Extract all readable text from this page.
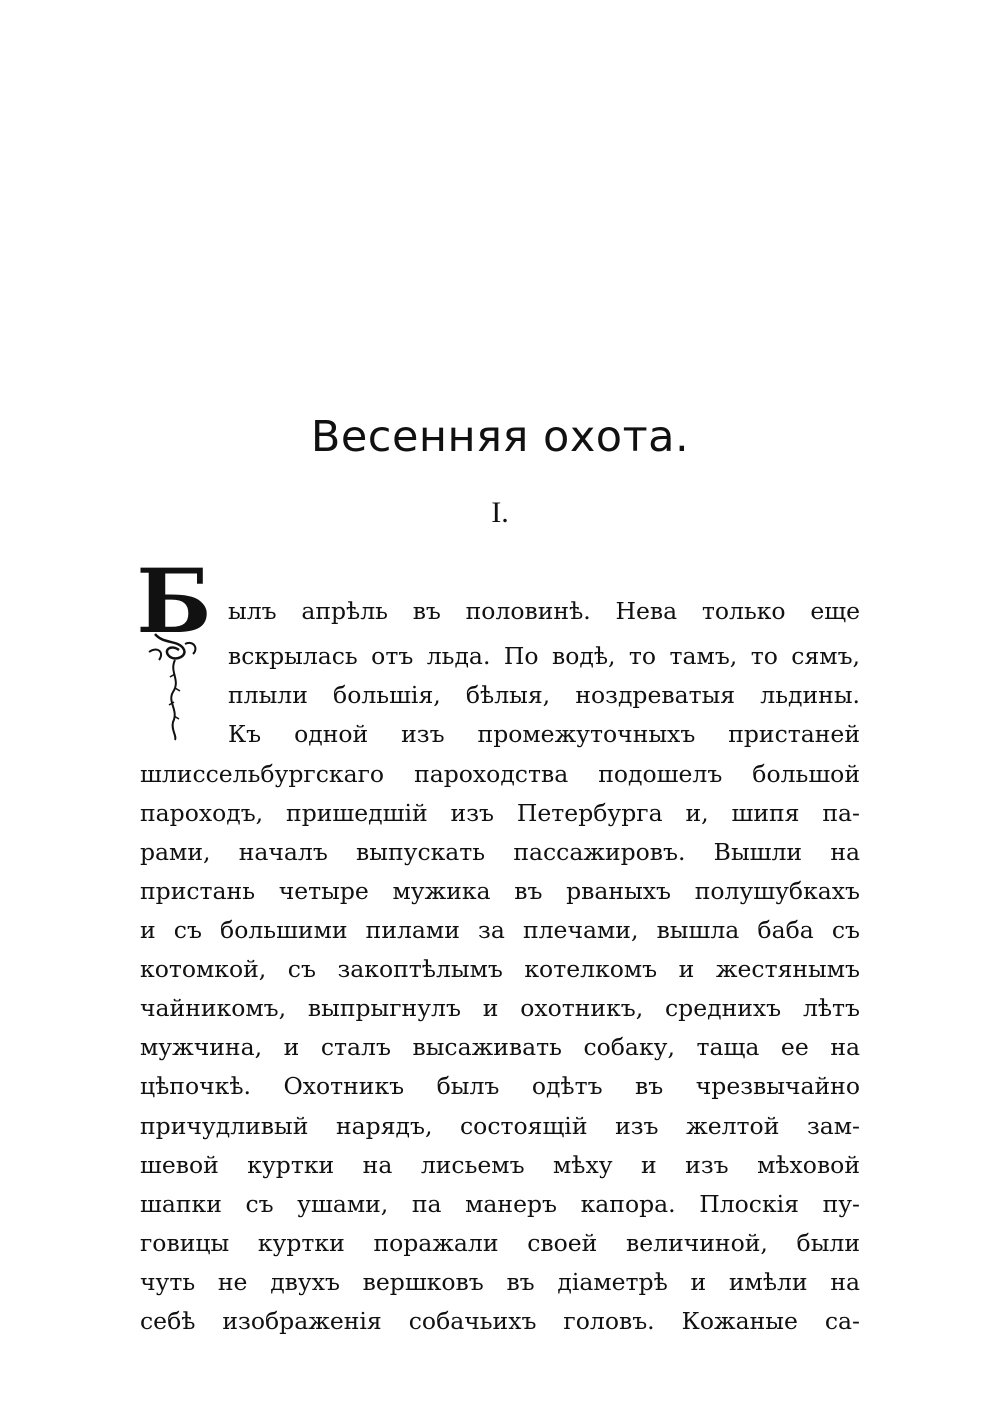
Весенняя охота.
I.
Б ылъ апрѣль въ половинѣ. Нева только еще
вскрылась отъ льда. По водѣ, то тамъ, то сямъ,
плыли большія, бѣлыя, ноздреватыя льдины.
Къ одной изъ промежуточныхъ пристаней
шлиссельбургскаго пароходства подошелъ большой
пароходъ, пришедшій изъ Петербурга и, шипя па-
рами, началъ выпускать пассажировъ. Вышли на
пристань четыре мужика въ рваныхъ полушубкахъ
и съ большими пилами за плечами, вышла баба съ
котомкой, съ закоптѣлымъ котелкомъ и жестянымъ
чайникомъ, выпрыгнулъ и охотникъ, среднихъ лѣтъ
мужчина, и сталъ высаживать собаку, таща ее на
цѣпочкѣ. Охотникъ былъ одѣтъ въ чрезвычайно
причудливый нарядъ, состоящій изъ желтой зам-
шевой куртки на лисьемъ мѣху и изъ мѣховой
шапки съ ушами, па манеръ капора. Плоскія пу-
говицы куртки поражали своей величиной, были
чуть не двухъ вершковъ въ діаметрѣ и имѣли на
себѣ изображенія собачьихъ головъ. Кожаные са-
